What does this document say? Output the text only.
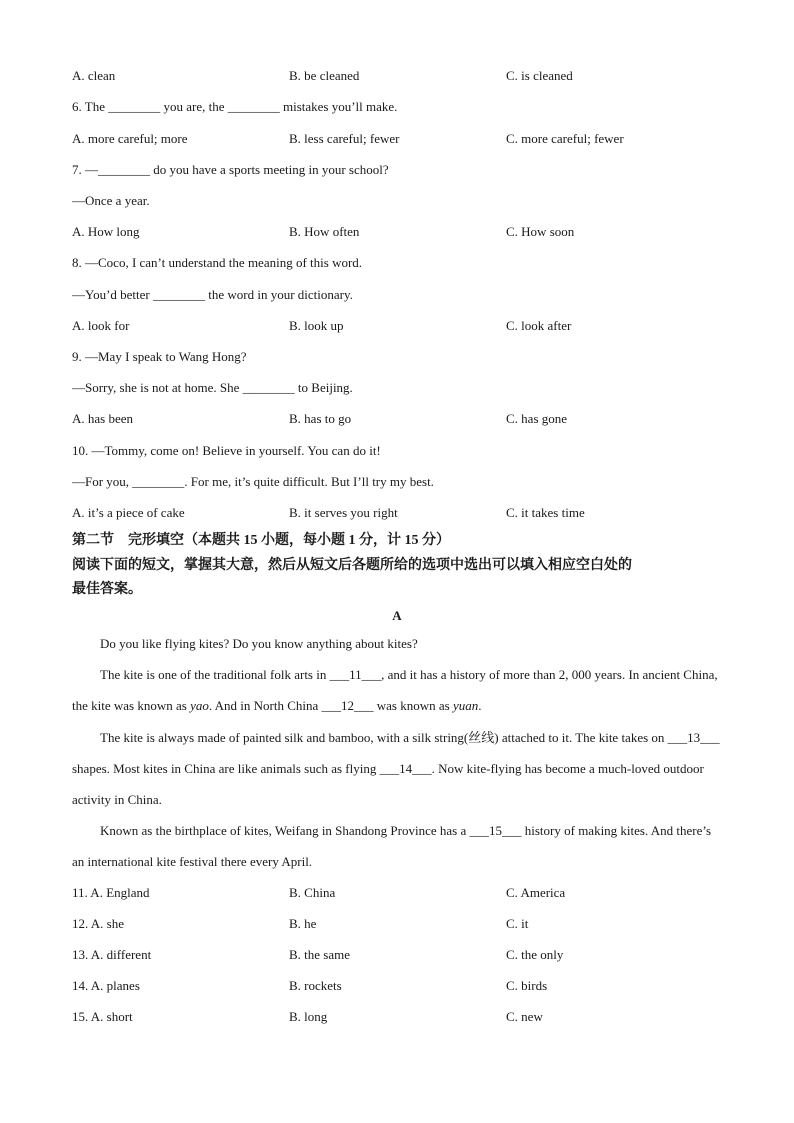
A. clean	B. be cleaned	C. is cleaned
6. The ________ you are, the ________ mistakes you’ll make.
A. more careful; more	B. less careful; fewer	C. more careful; fewer
7. —________ do you have a sports meeting in your school?
—Once a year.
A. How long	B. How often	C. How soon
8. —Coco, I can’t understand the meaning of this word.
—You’d better ________ the word in your dictionary.
A. look for	B. look up	C. look after
9. —May I speak to Wang Hong?
—Sorry, she is not at home. She ________ to Beijing.
A. has been	B. has to go	C. has gone
10. —Tommy, come on! Believe in yourself. You can do it!
—For you, ________. For me, it’s quite difficult. But I’ll try my best.
A. it’s a piece of cake	B. it serves you right	C. it takes time
第二节　完形填空（本题共 15 小题，每小题 1 分，计 15 分）
阅读下面的短文，掌握其大意，然后从短文后各题所给的选项中选出可以填入相应空白处的
最佳答案。
A
Do you like flying kites? Do you know anything about kites?
The kite is one of the traditional folk arts in ___11___, and it has a history of more than 2, 000 years. In ancient China, the kite was known as yao. And in North China ___12___ was known as yuan.
The kite is always made of painted silk and bamboo, with a silk string(丝线) attached to it. The kite takes on ___13___ shapes. Most kites in China are like animals such as flying ___14___. Now kite-flying has become a much-loved outdoor activity in China.
Known as the birthplace of kites, Weifang in Shandong Province has a ___15___ history of making kites. And there’s an international kite festival there every April.
11. A. England	B. China	C. America
12. A. she	B. he	C. it
13. A. different	B. the same	C. the only
14. A. planes	B. rockets	C. birds
15. A. short	B. long	C. new
